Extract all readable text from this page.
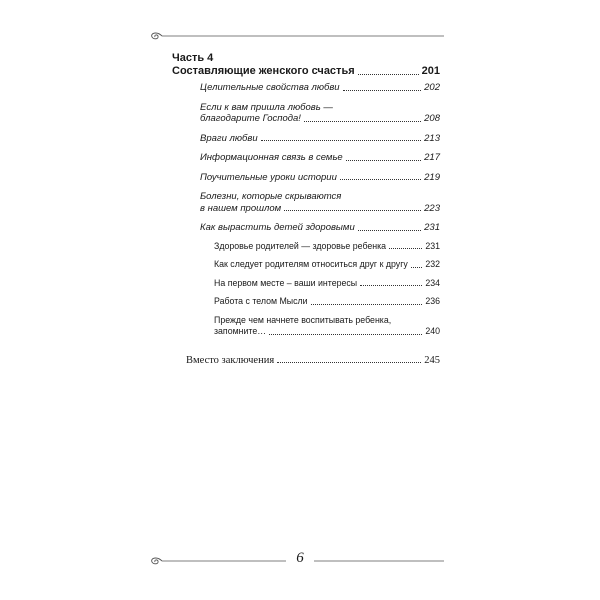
Часть 4
Составляющие женского счастья	201
Целительные свойства любви	202
Если к вам пришла любовь —
благодарите Господа!	208
Враги любви	213
Информационная связь в семье	217
Поучительные уроки истории	219
Болезни, которые скрываются
в нашем прошлом	223
Как вырастить детей здоровыми	231
Здоровье родителей — здоровье ребенка	231
Как следует родителям относиться друг к другу 232
На первом месте – ваши интересы	234
Работа с телом Мысли	236
Прежде чем начнете воспитывать ребенка,
запомните…	240
Вместо заключения	245
6
